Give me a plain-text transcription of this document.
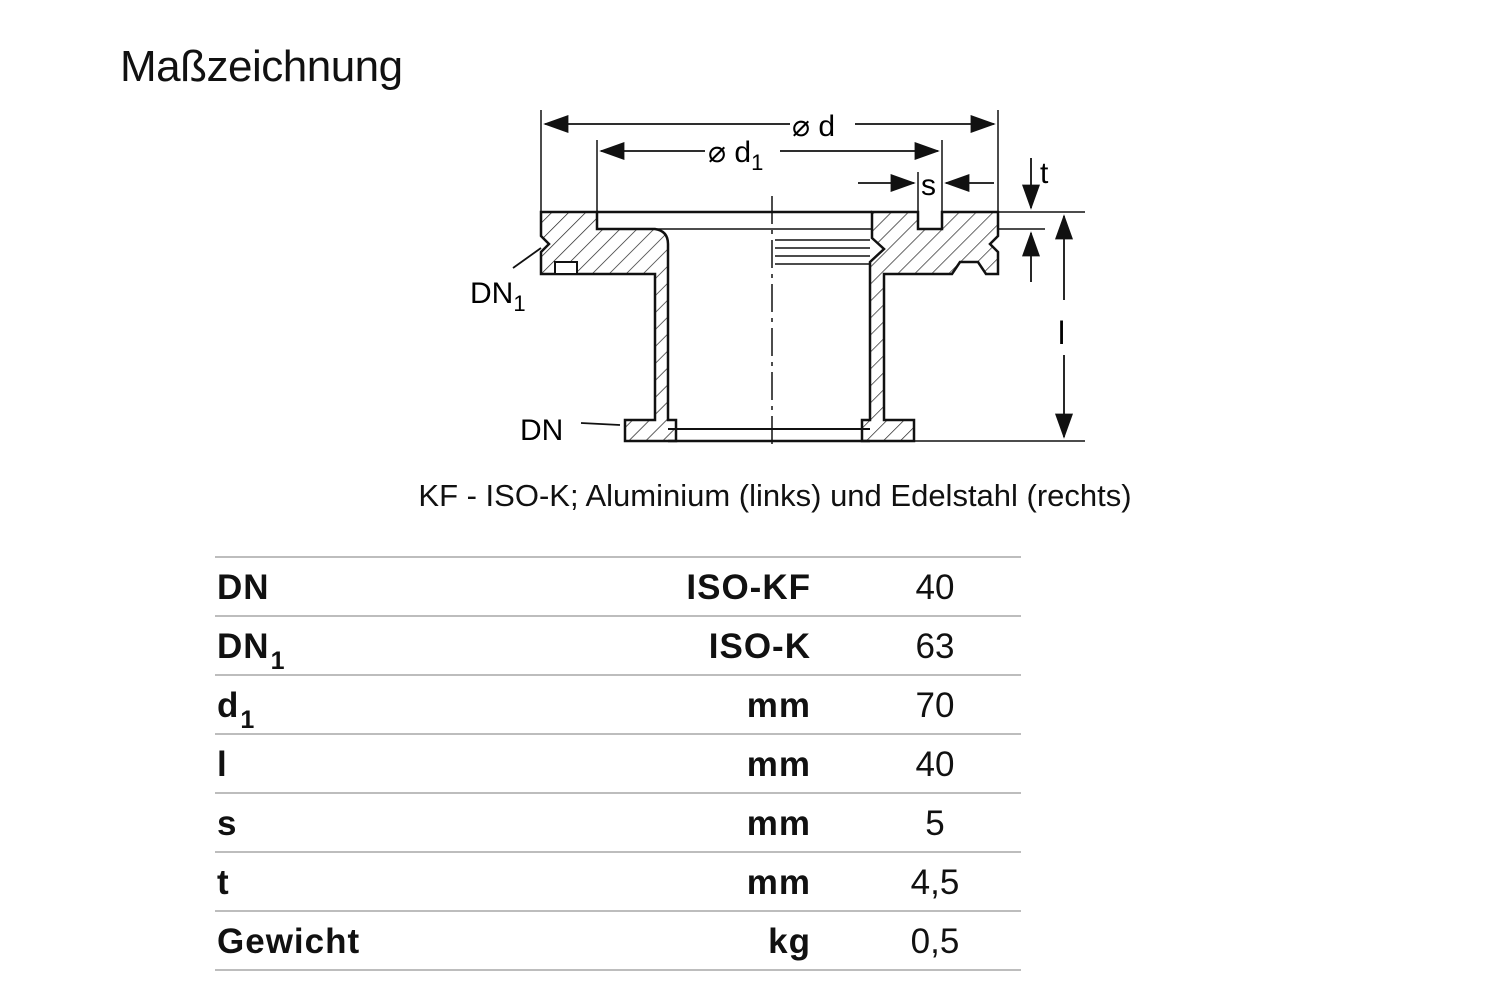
Maßzeichnung
⌀ d
⌀ $d_1$
s	t
l
$DN_1$
DN
KF - ISO-K; Aluminium (links) und Edelstahl (rechts)
DN	ISO-KF	40
$DN_1$	ISO-K	63
$d_1$	mm	70
l	mm	40
s	mm	5
t	mm	4,5
Gewicht	kg	0,5
